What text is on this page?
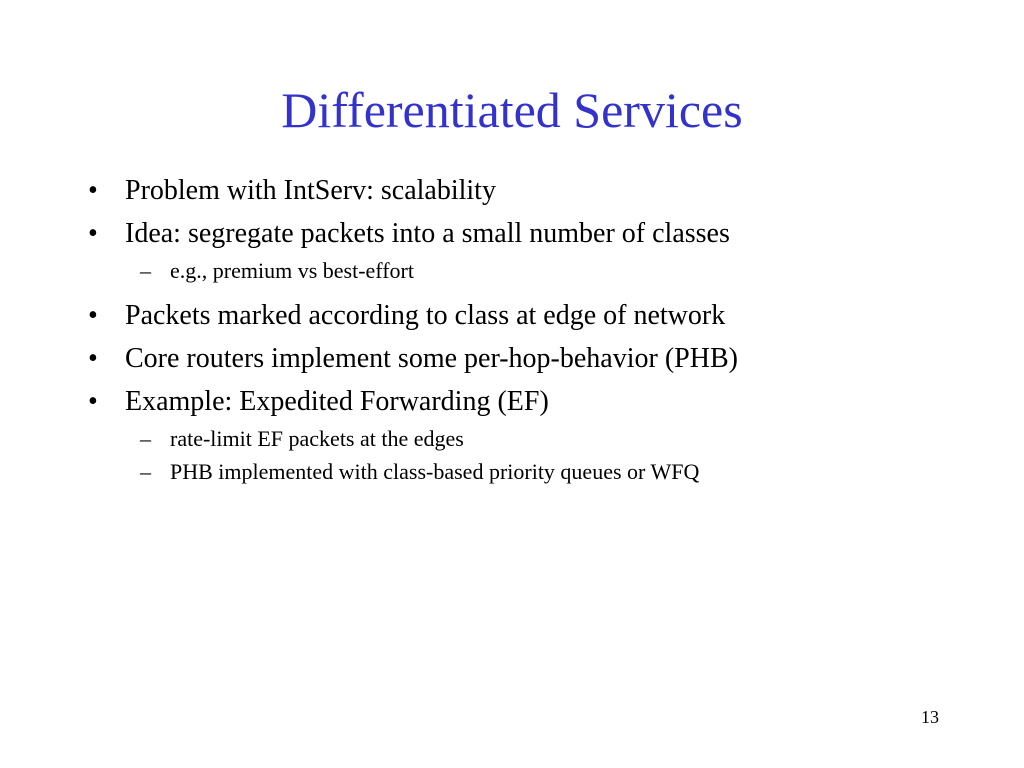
Differentiated Services
• Problem with IntServ: scalability
• Idea: segregate packets into a small number of classes
– e.g., premium vs best-effort
• Packets marked according to class at edge of network
• Core routers implement some per-hop-behavior (PHB)
• Example: Expedited Forwarding (EF)
– rate-limit EF packets at the edges
– PHB implemented with class-based priority queues or WFQ
13
